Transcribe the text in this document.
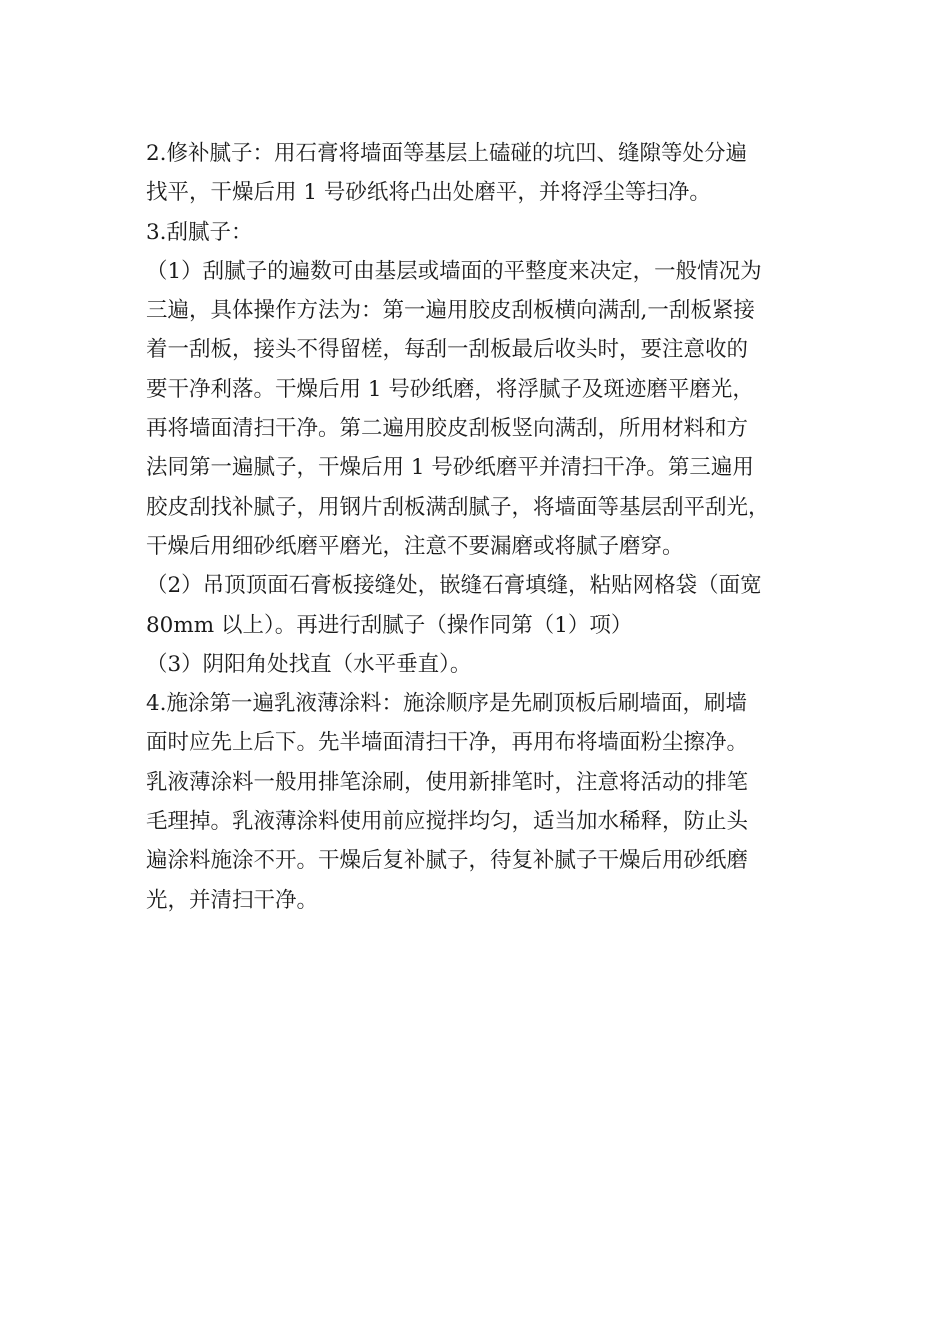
2.修补腻子：用石膏将墙面等基层上磕碰的坑凹、缝隙等处分遍
找平，干燥后用 1 号砂纸将凸出处磨平，并将浮尘等扫净。
3.刮腻子：
（1）刮腻子的遍数可由基层或墙面的平整度来决定，一般情况为
三遍，具体操作方法为：第一遍用胶皮刮板横向满刮,一刮板紧接
着一刮板，接头不得留槎，每刮一刮板最后收头时，要注意收的
要干净利落。干燥后用 1 号砂纸磨，将浮腻子及斑迹磨平磨光，
再将墙面清扫干净。第二遍用胶皮刮板竖向满刮，所用材料和方
法同第一遍腻子，干燥后用 1 号砂纸磨平并清扫干净。第三遍用
胶皮刮找补腻子，用钢片刮板满刮腻子，将墙面等基层刮平刮光，
干燥后用细砂纸磨平磨光，注意不要漏磨或将腻子磨穿。
（2）吊顶顶面石膏板接缝处，嵌缝石膏填缝，粘贴网格袋（面宽
80mm 以上）。再进行刮腻子（操作同第（1）项）
（3）阴阳角处找直（水平垂直）。
4.施涂第一遍乳液薄涂料：施涂顺序是先刷顶板后刷墙面，刷墙
面时应先上后下。先半墙面清扫干净，再用布将墙面粉尘擦净。
乳液薄涂料一般用排笔涂刷，使用新排笔时，注意将活动的排笔
毛理掉。乳液薄涂料使用前应搅拌均匀，适当加水稀释，防止头
遍涂料施涂不开。干燥后复补腻子，待复补腻子干燥后用砂纸磨
光，并清扫干净。
